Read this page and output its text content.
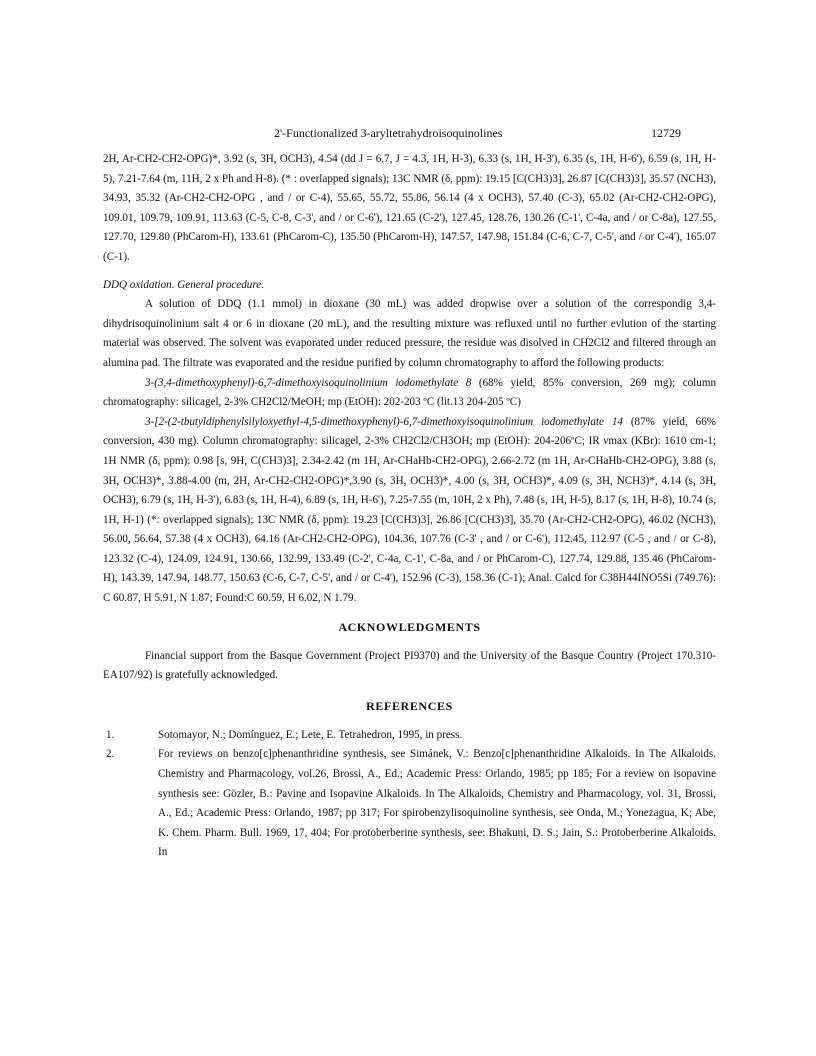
2'-Functionalized 3-aryltetrahydroisoquinolines	12729

2H, Ar-CH2-CH2-OPG)*, 3.92 (s, 3H, OCH3), 4.54 (dd J = 6.7, J = 4.3, 1H, H-3), 6.33 (s, 1H, H-3'), 6.35 (s, 1H, H-6'), 6.59 (s, 1H, H-5), 7.21-7.64 (m, 11H, 2 x Ph and H-8). (* : overlapped signals); 13C NMR (δ, ppm): 19.15 [C(CH3)3], 26.87 [C(CH3)3], 35.57 (NCH3), 34.93, 35.32 (Ar-CH2-CH2-OPG , and / or C-4), 55.65, 55.72, 55.86, 56.14 (4 x OCH3), 57.40 (C-3), 65.02 (Ar-CH2-CH2-OPG), 109.01, 109.79, 109.91, 113.63 (C-5, C-8, C-3', and / or C-6'), 121.65 (C-2'), 127.45, 128.76, 130.26 (C-1', C-4a, and / or C-8a), 127.55, 127.70, 129.80 (PhCarom-H), 133.61 (PhCarom-C), 135.50 (PhCarom-H), 147.57, 147.98, 151.84 (C-6, C-7, C-5', and / or C-4'), 165.07 (C-1).

DDQ oxidation. General procedure.

A solution of DDQ (1.1 mmol) in dioxane (30 mL) was added dropwise over a solution of the correspondig 3,4-dihydrisoquinolinium salt 4 or 6 in dioxane (20 mL), and the resulting mixture was refluxed until no further evlution of the starting material was observed. The solvent was evaporated under reduced pressure, the residue was disolved in CH2Cl2 and filtered through an alumina pad. The filtrate was evaporated and the residue purified by column chromatography to afford the following products:

3-(3,4-dimethoxyphenyl)-6,7-dimethoxyisoquinolinium iodomethylate 8 (68% yield, 85% conversion, 269 mg); column chromatography: silicagel, 2-3% CH2Cl2/MeOH; mp (EtOH): 202-203 ºC (lit.13 204-205 ºC)

3-[2-(2-tbutyldiphenylsilyloxyethyl-4,5-dimethoxyphenyl)-6,7-dimethoxyisoquinolinium iodomethylate 14 (87% yield, 66% conversion, 430 mg). Column chromatography: silicagel, 2-3% CH2Cl2/CH3OH; mp (EtOH): 204-206ºC; IR νmax (KBr): 1610 cm-1; 1H NMR (δ, ppm): 0.98 [s, 9H, C(CH3)3], 2.34-2.42 (m 1H, Ar-CHaHb-CH2-OPG), 2.66-2.72 (m 1H, Ar-CHaHb-CH2-OPG), 3.88 (s, 3H, OCH3)*, 3.88-4.00 (m, 2H, Ar-CH2-CH2-OPG)*,3.90 (s, 3H, OCH3)*, 4.00 (s, 3H, OCH3)*, 4.09 (s, 3H, NCH3)*, 4.14 (s, 3H, OCH3), 6.79 (s, 1H, H-3'), 6.83 (s, 1H, H-4), 6.89 (s, 1H, H-6'), 7.25-7.55 (m, 10H, 2 x Ph), 7.48 (s, 1H, H-5), 8.17 (s, 1H, H-8), 10.74 (s, 1H, H-1) (*: overlapped signals); 13C NMR (δ, ppm): 19.23 [C(CH3)3], 26.86 [C(CH3)3], 35.70 (Ar-CH2-CH2-OPG), 46.02 (NCH3), 56.00, 56.64, 57.38 (4 x OCH3), 64.16 (Ar-CH2-CH2-OPG), 104.36, 107.76 (C-3' , and / or C-6'), 112.45, 112.97 (C-5 , and / or C-8), 123.32 (C-4), 124.09, 124.91, 130.66, 132.99, 133.49 (C-2', C-4a, C-1', C-8a, and / or PhCarom-C), 127.74, 129.88, 135.46 (PhCarom-H), 143.39, 147.94, 148.77, 150.63 (C-6, C-7, C-5', and / or C-4'), 152.96 (C-3), 158.36 (C-1); Anal. Calcd for C38H44INO5Si (749.76): C 60.87, H 5.91, N 1.87; Found:C 60.59, H 6.02, N 1.79.

ACKNOWLEDGMENTS

Financial support from the Basque Government (Project PI9370) and the University of the Basque Country (Project 170.310-EA107/92) is gratefully acknowledged.

REFERENCES

1.	Sotomayor, N.; Domínguez, E.; Lete, E. Tetrahedron, 1995, in press.
2.	For reviews on benzo[c]phenanthridine synthesis, see Simánek, V.: Benzo[c]phenanthridine Alkaloids. In The Alkaloids. Chemistry and Pharmacology, vol.26, Brossi, A., Ed.; Academic Press: Orlando, 1985; pp 185; For a review on isopavine synthesis see: Gözler, B.: Pavine and Isopavine Alkaloids. In The Alkaloids, Chemistry and Pharmacology, vol. 31, Brossi, A., Ed.; Academic Press: Orlando, 1987; pp 317; For spirobenzylisoquinoline synthesis, see Onda, M.; Yonezagua, K; Abe, K. Chem. Pharm. Bull. 1969, 17, 404; For protoberberine synthesis, see: Bhakuni, D. S.; Jain, S.: Protoberberine Alkaloids. In
